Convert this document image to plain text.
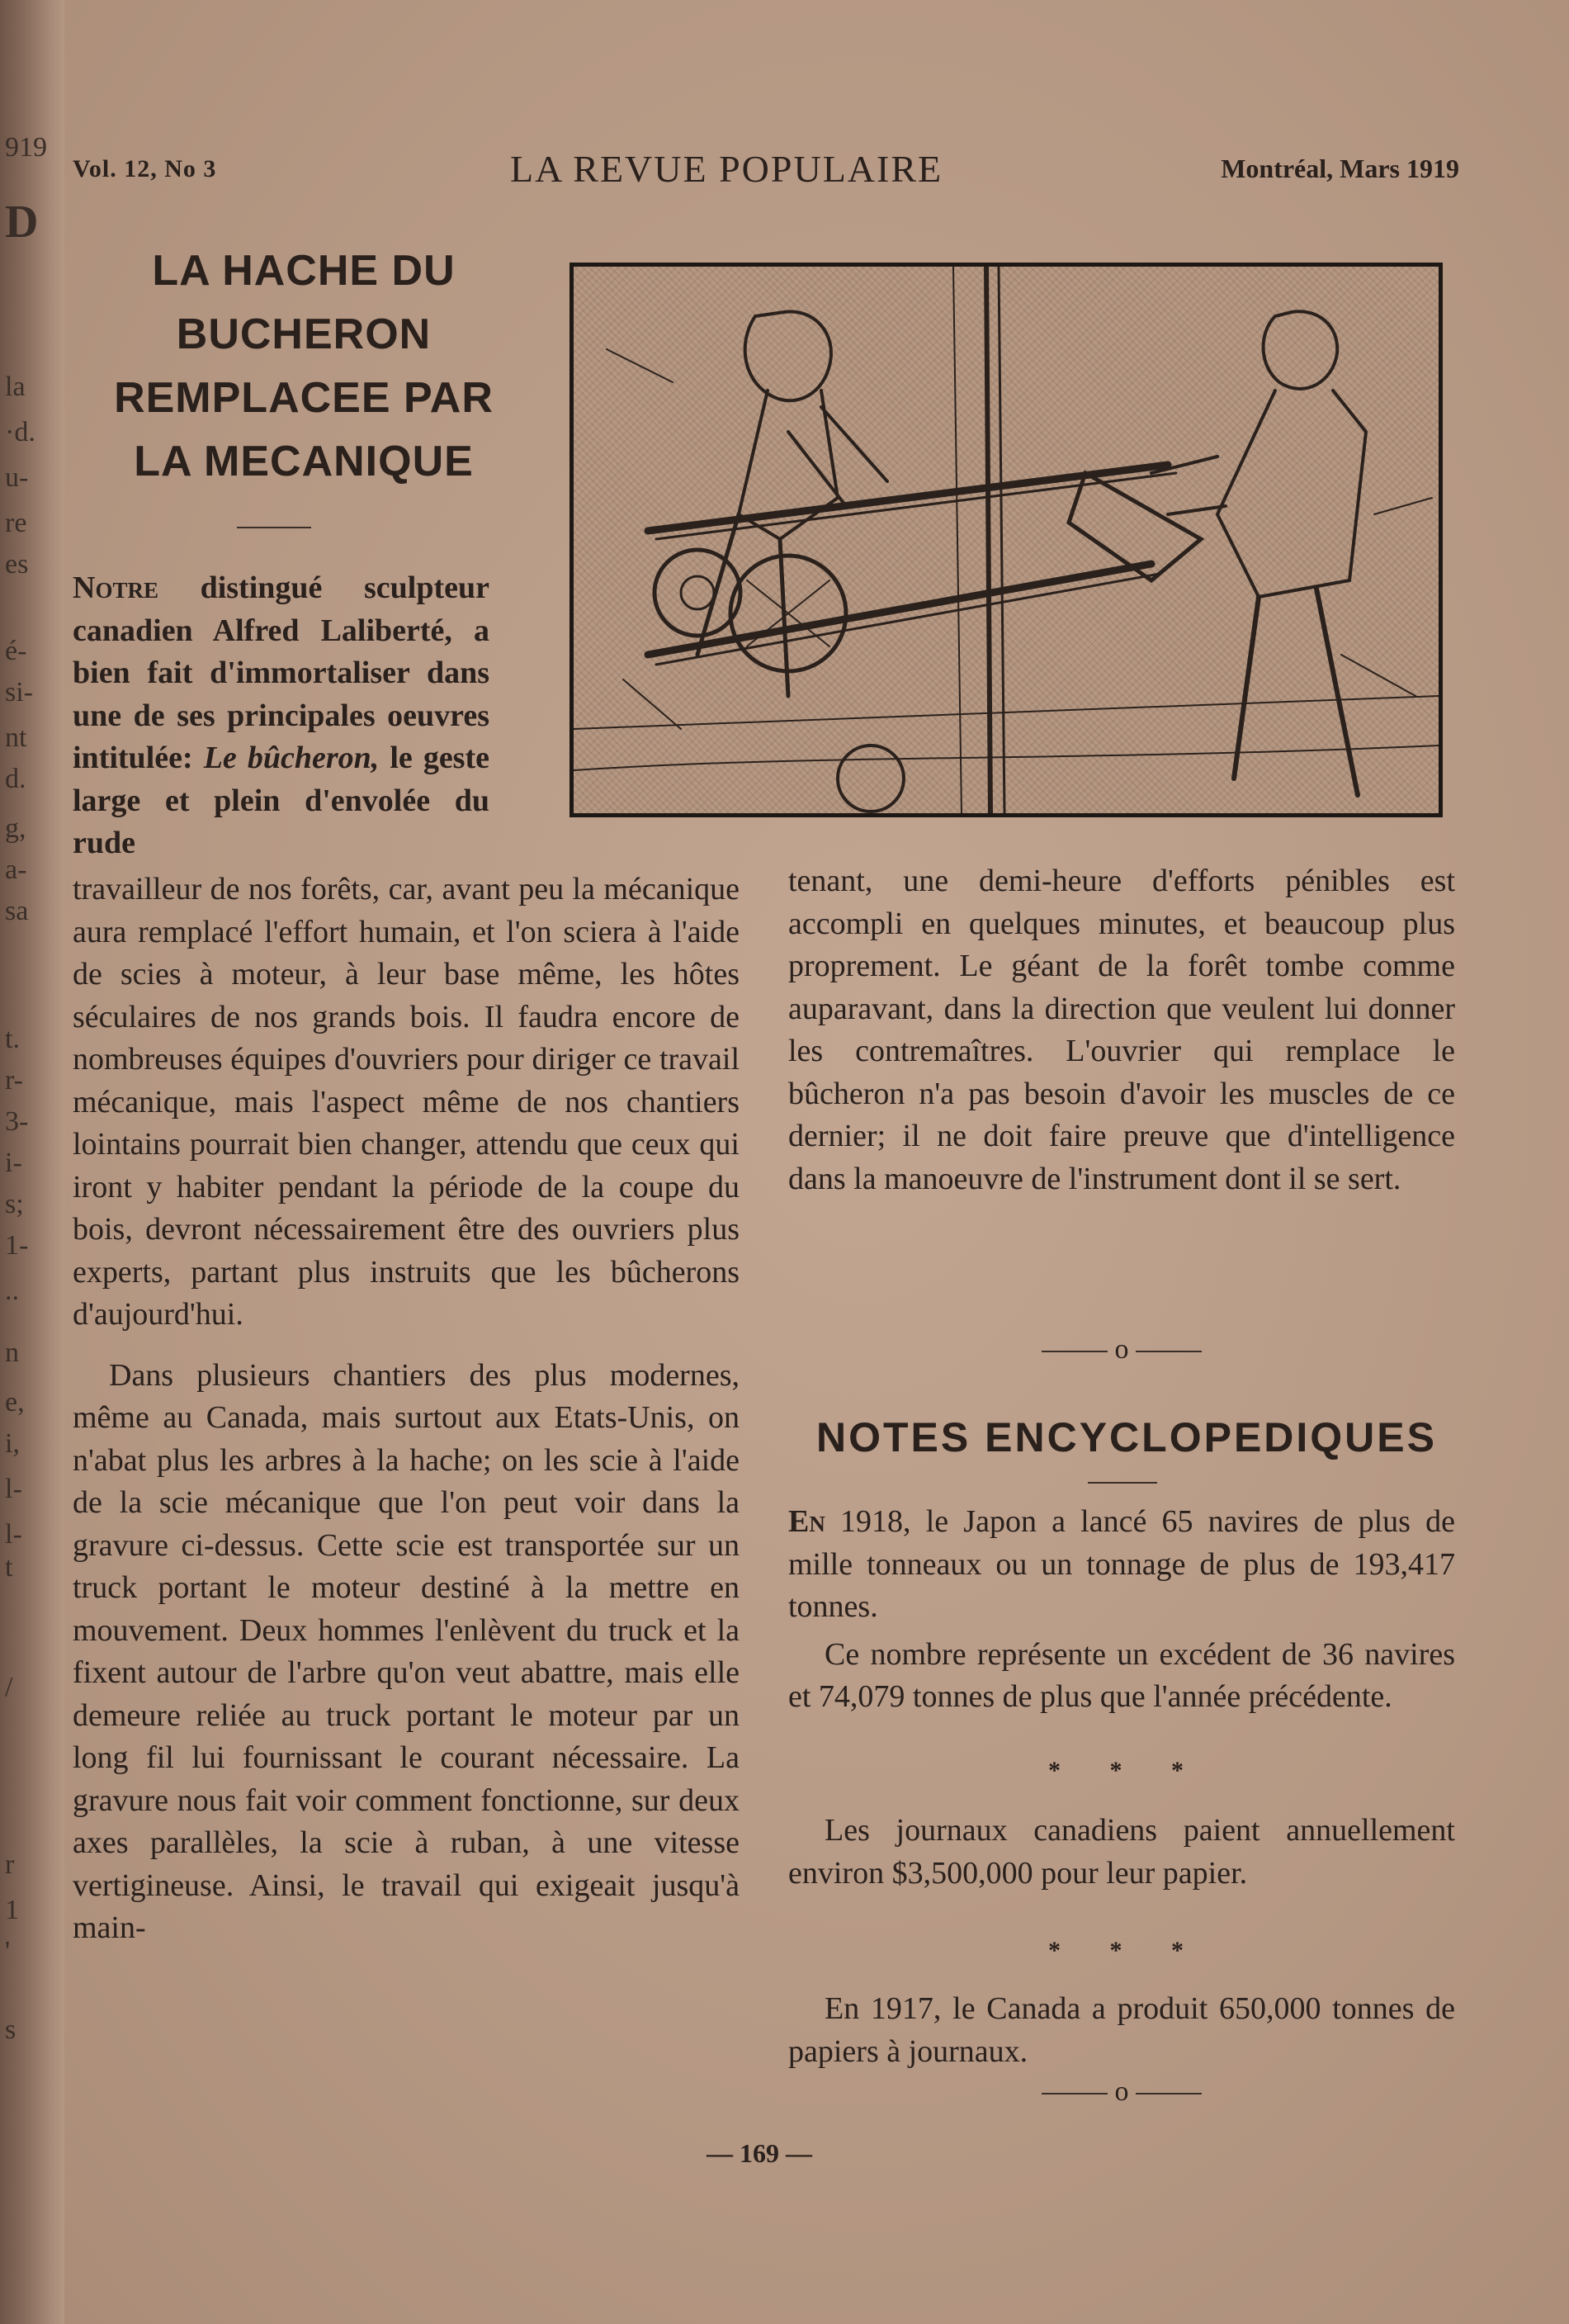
919
D
la
·d.
u-
re
es
é-
si-
nt
d.
g,
a-
sa
t.
r-
3-
i-
s;
1-
..
n
e,
i,
l-
l-
t
/
r
1
'
s
Vol. 12, No 3	LA REVUE POPULAIRE	Montréal, Mars 1919
LA HACHE DU
BUCHERON
REMPLACEE PAR
LA MECANIQUE

Notre distingué sculpteur canadien Alfred Laliberté, a bien fait d'immortaliser dans une de ses principales oeuvres intitulée: Le bûcheron, le geste large et plein d'envolée du rude

travailleur de nos forêts, car, avant peu la mécanique aura remplacé l'effort humain, et l'on sciera à l'aide de scies à moteur, à leur base même, les hôtes séculaires de nos grands bois. Il faudra encore de nombreuses équipes d'ouvriers pour diriger ce travail mécanique, mais l'aspect même de nos chantiers lointains pourrait bien changer, attendu que ceux qui iront y habiter pendant la période de la coupe du bois, devront nécessairement être des ouvriers plus experts, partant plus instruits que les bûcherons d'aujourd'hui.

Dans plusieurs chantiers des plus modernes, même au Canada, mais surtout aux Etats-Unis, on n'abat plus les arbres à la hache; on les scie à l'aide de la scie mécanique que l'on peut voir dans la gravure ci-dessus. Cette scie est transportée sur un truck portant le moteur destiné à la mettre en mouvement. Deux hommes l'enlèvent du truck et la fixent autour de l'arbre qu'on veut abattre, mais elle demeure reliée au truck portant le moteur par un long fil lui fournissant le courant nécessaire. La gravure nous fait voir comment fonctionne, sur deux axes parallèles, la scie à ruban, à une vitesse vertigineuse. Ainsi, le travail qui exigeait jusqu'à main-

tenant, une demi-heure d'efforts pénibles est accompli en quelques minutes, et beaucoup plus proprement. Le géant de la forêt tombe comme auparavant, dans la direction que veulent lui donner les contremaîtres. L'ouvrier qui remplace le bûcheron n'a pas besoin d'avoir les muscles de ce dernier; il ne doit faire preuve que d'intelligence dans la manoeuvre de l'instrument dont il se sert.

o
NOTES ENCYCLOPEDIQUES

En 1918, le Japon a lancé 65 navires de plus de mille tonneaux ou un tonnage de plus de 193,417 tonnes.

Ce nombre représente un excédent de 36 navires et 74,079 tonnes de plus que l'année précédente.

* * *

Les journaux canadiens paient annuellement environ $3,500,000 pour leur papier.

* * *

En 1917, le Canada a produit 650,000 tonnes de papiers à journaux.

o
— 169 —
